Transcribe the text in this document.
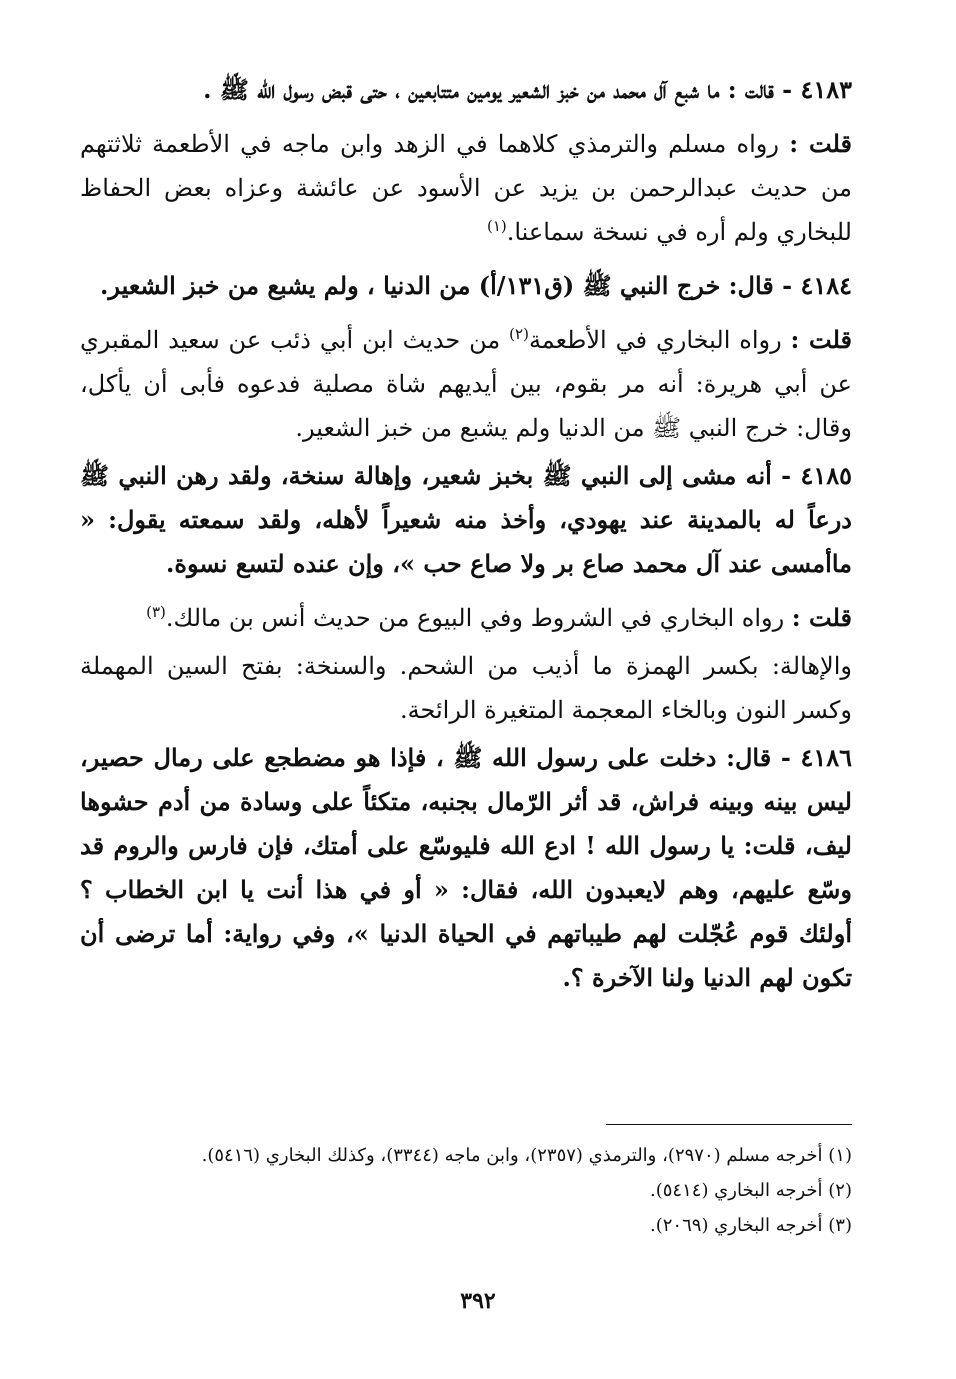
٤١٨٣ - قالت : ما شبع آل محمد من خبز الشعير يومين متتابعين ، حتى قبض رسول الله ﷺ .

قلت : رواه مسلم والترمذي كلاهما في الزهد وابن ماجه في الأطعمة ثلاثتهم من حديث عبدالرحمن بن يزيد عن الأسود عن عائشة وعزاه بعض الحفاظ للبخاري ولم أره في نسخة سماعنا.$^{(١)}$

٤١٨٤ - قال: خرج النبي ﷺ (ق١٣١/أ) من الدنيا ، ولم يشبع من خبز الشعير.

قلت : رواه البخاري في الأطعمة$^{(٢)}$ من حديث ابن أبي ذئب عن سعيد المقبري عن أبي هريرة: أنه مر بقوم، بين أيديهم شاة مصلية فدعوه فأبى أن يأكل، وقال: خرج النبي ﷺ من الدنيا ولم يشبع من خبز الشعير.

٤١٨٥ - أنه مشى إلى النبي ﷺ بخبز شعير، وإهالة سنخة، ولقد رهن النبي ﷺ درعاً له بالمدينة عند يهودي، وأخذ منه شعيراً لأهله، ولقد سمعته يقول: « ماأمسى عند آل محمد صاع بر ولا صاع حب »، وإن عنده لتسع نسوة.

قلت : رواه البخاري في الشروط وفي البيوع من حديث أنس بن مالك.$^{(٣)}$

والإهالة: بكسر الهمزة ما أذيب من الشحم. والسنخة: بفتح السين المهملة وكسر النون وبالخاء المعجمة المتغيرة الرائحة.

٤١٨٦ - قال: دخلت على رسول الله ﷺ ، فإذا هو مضطجع على رمال حصير، ليس بينه وبينه فراش، قد أثر الرّمال بجنبه، متكئاً على وسادة من أدم حشوها ليف، قلت: يا رسول الله ! ادع الله فليوسّع على أمتك، فإن فارس والروم قد وسّع عليهم، وهم لايعبدون الله، فقال: « أو في هذا أنت يا ابن الخطاب ؟ أولئك قوم عُجّلت لهم طيباتهم في الحياة الدنيا »، وفي رواية: أما ترضى أن تكون لهم الدنيا ولنا الآخرة ؟.

(١) أخرجه مسلم (٢٩٧٠)، والترمذي (٢٣٥٧)، وابن ماجه (٣٣٤٤)، وكذلك البخاري (٥٤١٦).

(٢) أخرجه البخاري (٥٤١٤).

(٣) أخرجه البخاري (٢٠٦٩).

٣٩٢
